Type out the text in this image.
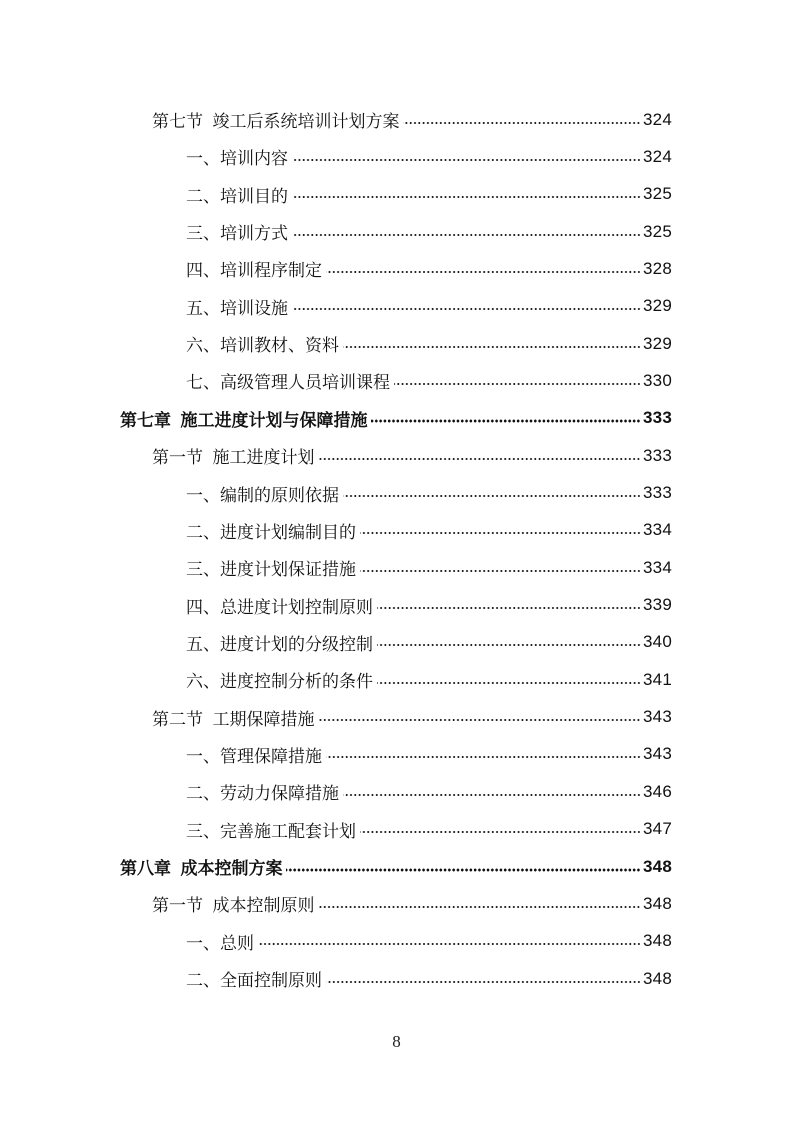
第七节  竣工后系统培训计划方案	324
一、培训内容	324
二、培训目的	325
三、培训方式	325
四、培训程序制定	328
五、培训设施	329
六、培训教材、资料	329
七、高级管理人员培训课程	330
第七章  施工进度计划与保障措施	333
第一节  施工进度计划	333
一、编制的原则依据	333
二、进度计划编制目的	334
三、进度计划保证措施	334
四、总进度计划控制原则	339
五、进度计划的分级控制	340
六、进度控制分析的条件	341
第二节  工期保障措施	343
一、管理保障措施	343
二、劳动力保障措施	346
三、完善施工配套计划	347
第八章  成本控制方案	348
第一节  成本控制原则	348
一、总则	348
二、全面控制原则	348
8
